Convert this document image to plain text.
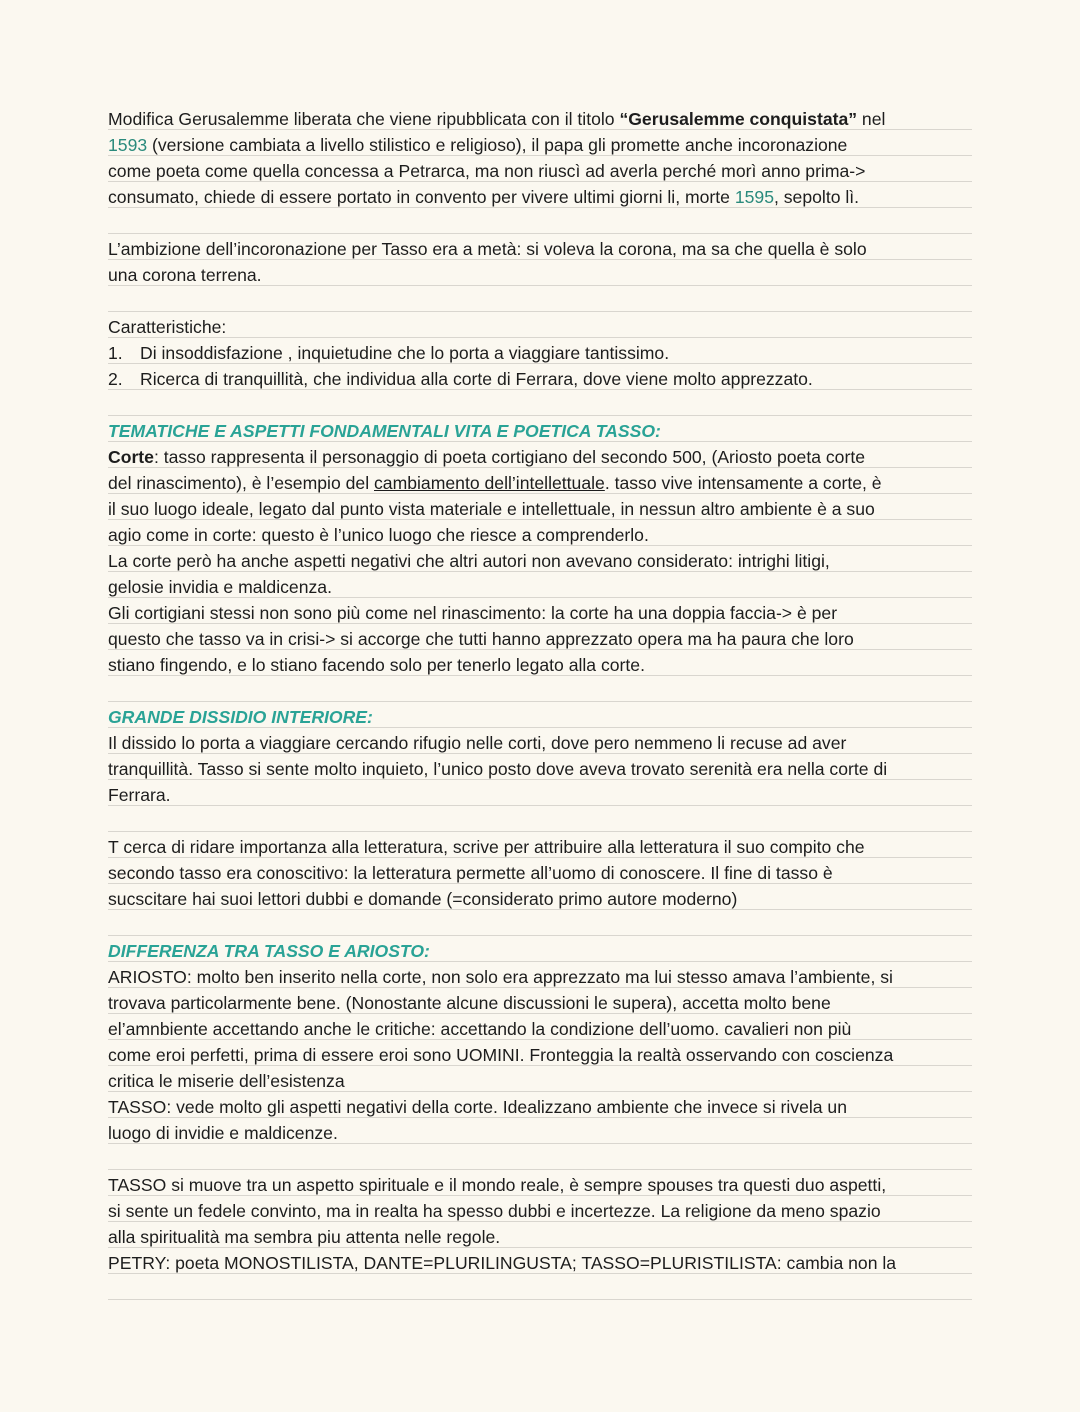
Modifica Gerusalemme liberata che viene ripubblicata con il titolo “Gerusalemme conquistata” nel
1593 (versione cambiata a livello stilistico e religioso), il papa gli promette anche incoronazione
come poeta come quella concessa a Petrarca, ma non riuscì ad averla perché morì anno prima->
consumato, chiede di essere portato in convento per vivere ultimi giorni li, morte 1595, sepolto lì.
L’ambizione dell’incoronazione per Tasso era a metà: si voleva la corona, ma sa che quella è solo
una corona terrena.
Caratteristiche:
1. Di insoddisfazione , inquietudine che lo porta a viaggiare tantissimo.
2. Ricerca di tranquillità, che individua alla corte di Ferrara, dove viene molto apprezzato.
TEMATICHE E ASPETTI FONDAMENTALI VITA E POETICA TASSO:
Corte: tasso rappresenta il personaggio di poeta cortigiano del secondo 500, (Ariosto poeta corte
del rinascimento), è l’esempio del cambiamento dell’intellettuale. tasso vive intensamente a corte, è
il suo luogo ideale, legato dal punto vista materiale e intellettuale, in nessun altro ambiente è a suo
agio come in corte: questo è l’unico luogo che riesce a comprenderlo.
La corte però ha anche aspetti negativi che altri autori non avevano considerato: intrighi litigi,
gelosie invidia e maldicenza.
Gli cortigiani stessi non sono più come nel rinascimento: la corte ha una doppia faccia-> è per
questo che tasso va in crisi-> si accorge che tutti hanno apprezzato opera ma ha paura che loro
stiano fingendo, e lo stiano facendo solo per tenerlo legato alla corte.
GRANDE DISSIDIO INTERIORE:
Il dissido lo porta a viaggiare cercando rifugio nelle corti, dove pero nemmeno li recuse ad aver
tranquillità. Tasso si sente molto inquieto, l’unico posto dove aveva trovato serenità era nella corte di
Ferrara.
T cerca di ridare importanza alla letteratura, scrive per attribuire alla letteratura il suo compito che
secondo tasso era conoscitivo: la letteratura permette all’uomo di conoscere. Il fine di tasso è
sucscitare hai suoi lettori dubbi e domande (=considerato primo autore moderno)
DIFFERENZA TRA TASSO E ARIOSTO:
ARIOSTO: molto ben inserito nella corte, non solo era apprezzato ma lui stesso amava l’ambiente, si
trovava particolarmente bene. (Nonostante alcune discussioni le supera), accetta molto bene
el’amnbiente accettando anche le critiche: accettando la condizione dell’uomo. cavalieri non più
come eroi perfetti, prima di essere eroi sono UOMINI. Fronteggia la realtà osservando con coscienza
critica le miserie dell’esistenza
TASSO: vede molto gli aspetti negativi della corte. Idealizzano ambiente che invece si rivela un
luogo di invidie e maldicenze.
TASSO si muove tra un aspetto spirituale e il mondo reale, è sempre spouses tra questi duo aspetti,
si sente un fedele convinto, ma in realta ha spesso dubbi e incertezze. La religione da meno spazio
alla spiritualità ma sembra piu attenta nelle regole.
PETRY: poeta MONOSTILISTA, DANTE=PLURILINGUSTA; TASSO=PLURISTILISTA: cambia non la
